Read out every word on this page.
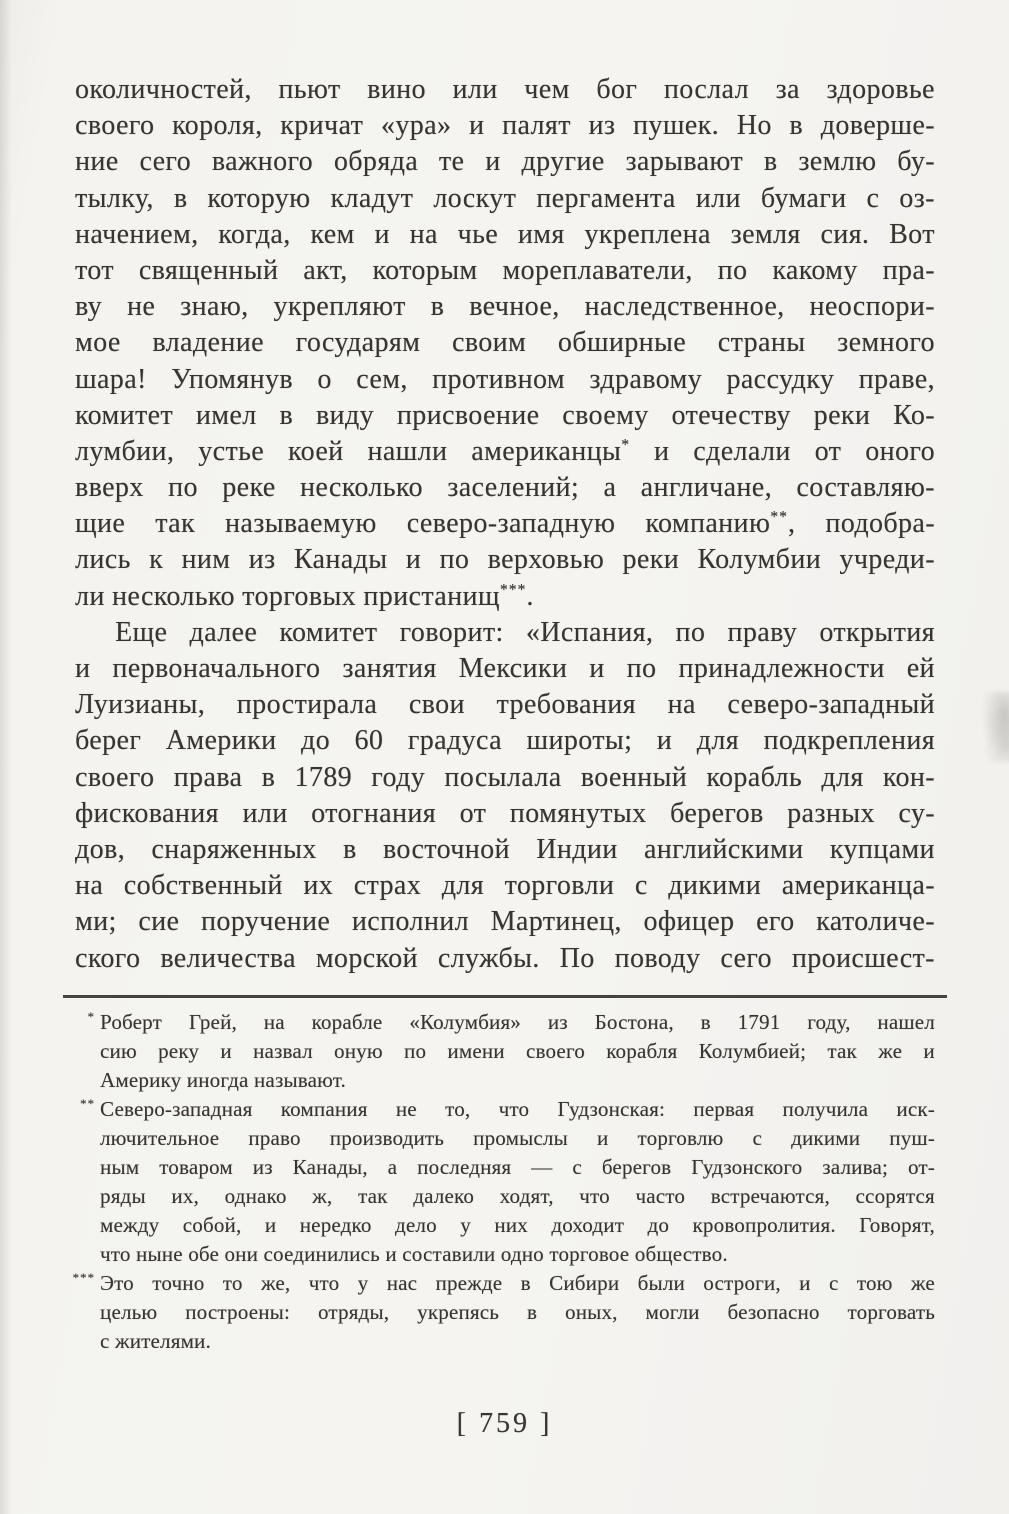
околичностей, пьют вино или чем бог послал за здоровье
своего короля, кричат «ура» и палят из пушек. Но в доверше-
ние сего важного обряда те и другие зарывают в землю бу-
тылку, в которую кладут лоскут пергамента или бумаги с оз-
начением, когда, кем и на чье имя укреплена земля сия. Вот
тот священный акт, которым мореплаватели, по какому пра-
ву не знаю, укрепляют в вечное, наследственное, неоспори-
мое владение государям своим обширные страны земного
шара! Упомянув о сем, противном здравому рассудку праве,
комитет имел в виду присвоение своему отечеству реки Ко-
лумбии, устье коей нашли американцы* и сделали от оного
вверх по реке несколько заселений; а англичане, составляю-
щие так называемую северо-западную компанию**, подобра-
лись к ним из Канады и по верховью реки Колумбии учреди-
ли несколько торговых пристанищ***.
Еще далее комитет говорит: «Испания, по праву открытия
и первоначального занятия Мексики и по принадлежности ей
Луизианы, простирала свои требования на северо-западный
берег Америки до 60 градуса широты; и для подкрепления
своего права в 1789 году посылала военный корабль для кон-
фискования или отогнания от помянутых берегов разных су-
дов, снаряженных в восточной Индии английскими купцами
на собственный их страх для торговли с дикими американца-
ми; сие поручение исполнил Мартинец, офицер его католиче-
ского величества морской службы. По поводу сего происшест-
* Роберт Грей, на корабле «Колумбия» из Бостона, в 1791 году, нашел
сию реку и назвал оную по имени своего корабля Колумбией; так же и
Америку иногда называют.
** Северо-западная компания не то, что Гудзонская: первая получила иск-
лючительное право производить промыслы и торговлю с дикими пуш-
ным товаром из Канады, а последняя — с берегов Гудзонского залива; от-
ряды их, однако ж, так далеко ходят, что часто встречаются, ссорятся
между собой, и нередко дело у них доходит до кровопролития. Говорят,
что ныне обе они соединились и составили одно торговое общество.
*** Это точно то же, что у нас прежде в Сибири были остроги, и с тою же
целью построены: отряды, укрепясь в оных, могли безопасно торговать
с жителями.
[ 759 ]
